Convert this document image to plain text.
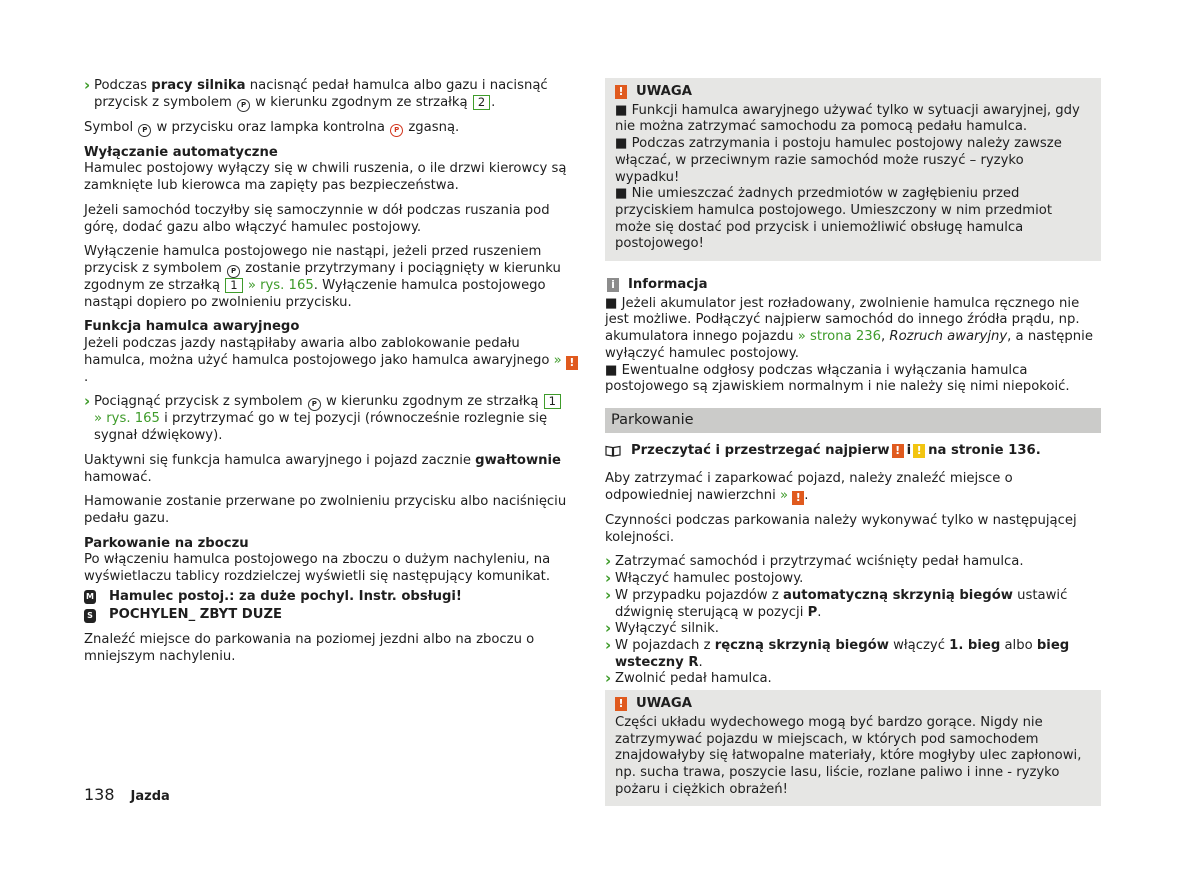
› Podczas pracy silnika nacisnąć pedał hamulca albo gazu i nacisnąć przycisk z symbolem P w kierunku zgodnym ze strzałką 2 .

Symbol P w przycisku oraz lampka kontrolna P zgasną.

Wyłączanie automatyczne

Hamulec postojowy wyłączy się w chwili ruszenia, o ile drzwi kierowcy są zamknięte lub kierowca ma zapięty pas bezpieczeństwa.

Jeżeli samochód toczyłby się samoczynnie w dół podczas ruszania pod górę, dodać gazu albo włączyć hamulec postojowy.

Wyłączenie hamulca postojowego nie nastąpi, jeżeli przed ruszeniem przycisk z symbolem P zostanie przytrzymany i pociągnięty w kierunku zgodnym ze strzałką 1 » rys. 165. Wyłączenie hamulca postojowego nastąpi dopiero po zwolnieniu przycisku.

Funkcja hamulca awaryjnego

Jeżeli podczas jazdy nastąpiłaby awaria albo zablokowanie pedału hamulca, można użyć hamulca postojowego jako hamulca awaryjnego » !.

› Pociągnąć przycisk z symbolem P w kierunku zgodnym ze strzałką 1
» rys. 165 i przytrzymać go w tej pozycji (równocześnie rozlegnie się sygnał dźwiękowy).

Uaktywni się funkcja hamulca awaryjnego i pojazd zacznie gwałtownie hamować.

Hamowanie zostanie przerwane po zwolnieniu przycisku albo naciśnięciu pedału gazu.

Parkowanie na zboczu

Po włączeniu hamulca postojowego na zboczu o dużym nachyleniu, na wyświetlaczu tablicy rozdzielczej wyświetli się następujący komunikat.

M Hamulec postoj.: za duże pochyl. Instr. obsługi!
S POCHYLEN_ ZBYT DUZE

Znaleźć miejsce do parkowania na poziomej jezdni albo na zboczu o mniejszym nachyleniu.

! UWAGA
■ Funkcji hamulca awaryjnego używać tylko w sytuacji awaryjnej, gdy nie można zatrzymać samochodu za pomocą pedału hamulca.
■ Podczas zatrzymania i postoju hamulec postojowy należy zawsze włączać, w przeciwnym razie samochód może ruszyć – ryzyko wypadku!
■ Nie umieszczać żadnych przedmiotów w zagłębieniu przed przyciskiem hamulca postojowego. Umieszczony w nim przedmiot może się dostać pod przycisk i uniemożliwić obsługę hamulca postojowego!
i Informacja
■ Jeżeli akumulator jest rozładowany, zwolnienie hamulca ręcznego nie jest możliwe. Podłączyć najpierw samochód do innego źródła prądu, np. akumulatora innego pojazdu » strona 236, Rozruch awaryjny, a następnie wyłączyć hamulec postojowy.
■ Ewentualne odgłosy podczas włączania i wyłączania hamulca postojowego są zjawiskiem normalnym i nie należy się nimi niepokoić.
Parkowanie
Przeczytać i przestrzegać najpierw ! i ! na stronie 136.

Aby zatrzymać i zaparkować pojazd, należy znaleźć miejsce o odpowiedniej nawierzchni » ! .

Czynności podczas parkowania należy wykonywać tylko w następującej kolejności.

› Zatrzymać samochód i przytrzymać wciśnięty pedał hamulca.
› Włączyć hamulec postojowy.
› W przypadku pojazdów z automatyczną skrzynią biegów ustawić dźwignię sterującą w pozycji P.
› Wyłączyć silnik.
› W pojazdach z ręczną skrzynią biegów włączyć 1. bieg albo bieg wsteczny R.
› Zwolnić pedał hamulca.
! UWAGA
Części układu wydechowego mogą być bardzo gorące. Nigdy nie zatrzymywać pojazdu w miejscach, w których pod samochodem znajdowałyby się łatwopalne materiały, które mogłyby ulec zapłonowi, np. sucha trawa, poszycie lasu, liście, rozlane paliwo i inne - ryzyko pożaru i ciężkich obrażeń!
138 Jazda
